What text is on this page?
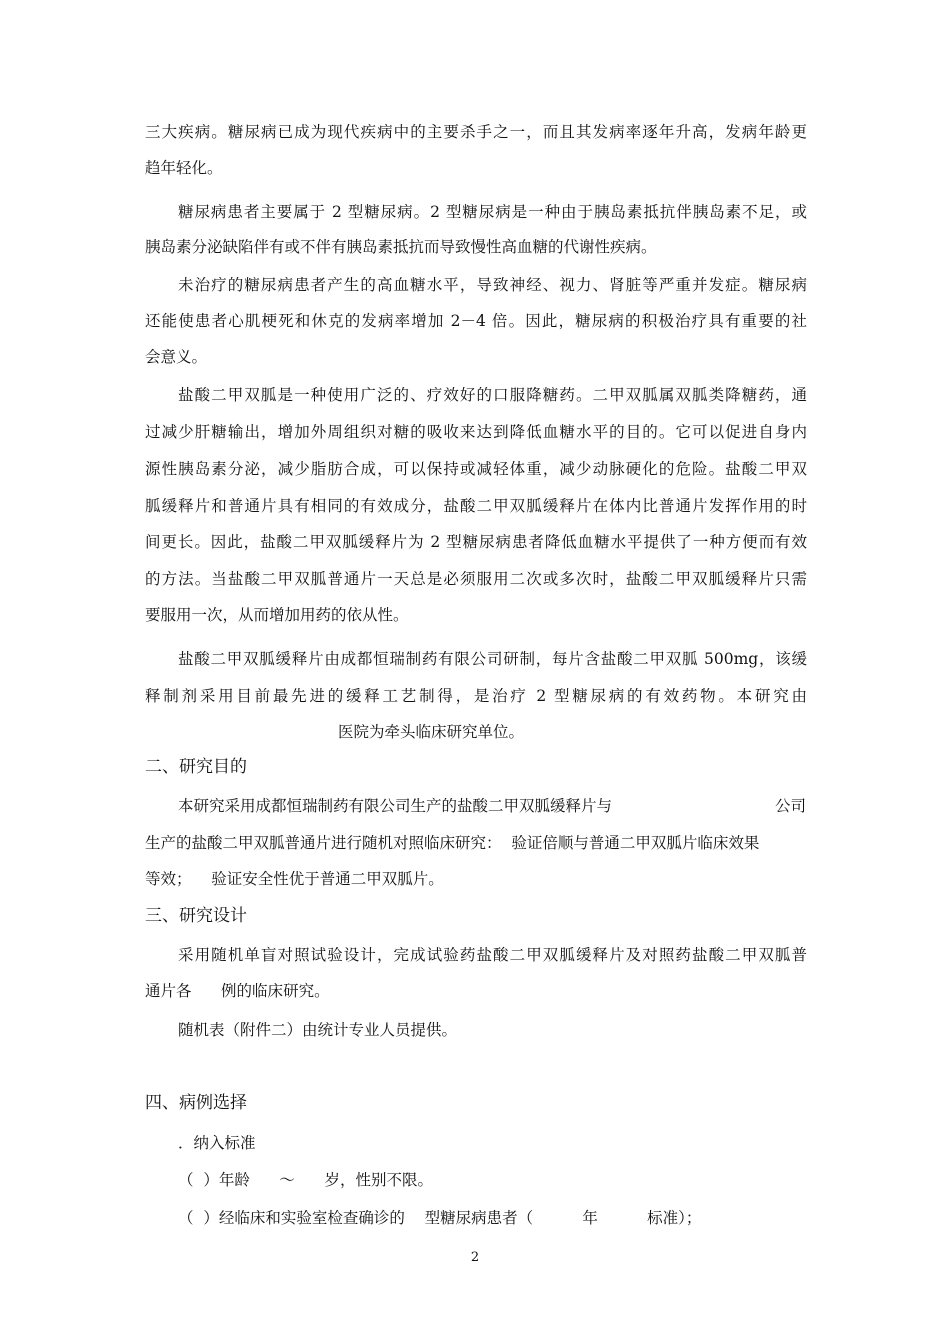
三大疾病。糖尿病已成为现代疾病中的主要杀手之一，而且其发病率逐年升高，发病年龄更
趋年轻化。
糖尿病患者主要属于 2 型糖尿病。2 型糖尿病是一种由于胰岛素抵抗伴胰岛素不足，或
胰岛素分泌缺陷伴有或不伴有胰岛素抵抗而导致慢性高血糖的代谢性疾病。
未治疗的糖尿病患者产生的高血糖水平，导致神经、视力、肾脏等严重并发症。糖尿病
还能使患者心肌梗死和休克的发病率增加 2－4 倍。因此，糖尿病的积极治疗具有重要的社
会意义。
盐酸二甲双胍是一种使用广泛的、疗效好的口服降糖药。二甲双胍属双胍类降糖药，通
过减少肝糖输出，增加外周组织对糖的吸收来达到降低血糖水平的目的。它可以促进自身内
源性胰岛素分泌，减少脂肪合成，可以保持或减轻体重，减少动脉硬化的危险。盐酸二甲双
胍缓释片和普通片具有相同的有效成分，盐酸二甲双胍缓释片在体内比普通片发挥作用的时
间更长。因此，盐酸二甲双胍缓释片为 2 型糖尿病患者降低血糖水平提供了一种方便而有效
的方法。当盐酸二甲双胍普通片一天总是必须服用二次或多次时，盐酸二甲双胍缓释片只需
要服用一次，从而增加用药的依从性。
盐酸二甲双胍缓释片由成都恒瑞制药有限公司研制，每片含盐酸二甲双胍 500mg，该缓
释制剂采用目前最先进的缓释工艺制得，是治疗 2 型糖尿病的有效药物。本研究由
医院为牵头临床研究单位。
二、研究目的
本研究采用成都恒瑞制药有限公司生产的盐酸二甲双胍缓释片与	公司
生产的盐酸二甲双胍普通片进行随机对照临床研究：  验证倍顺与普通二甲双胍片临床效果
等效；    验证安全性优于普通二甲双胍片。
三、研究设计
采用随机单盲对照试验设计，完成试验药盐酸二甲双胍缓释片及对照药盐酸二甲双胍普
通片各      例的临床研究。
随机表（附件二）由统计专业人员提供。
四、病例选择
．纳入标准
（  ）年龄      ～      岁，性别不限。
（  ）经临床和实验室检查确诊的    型糖尿病患者（          年          标准）；
2
